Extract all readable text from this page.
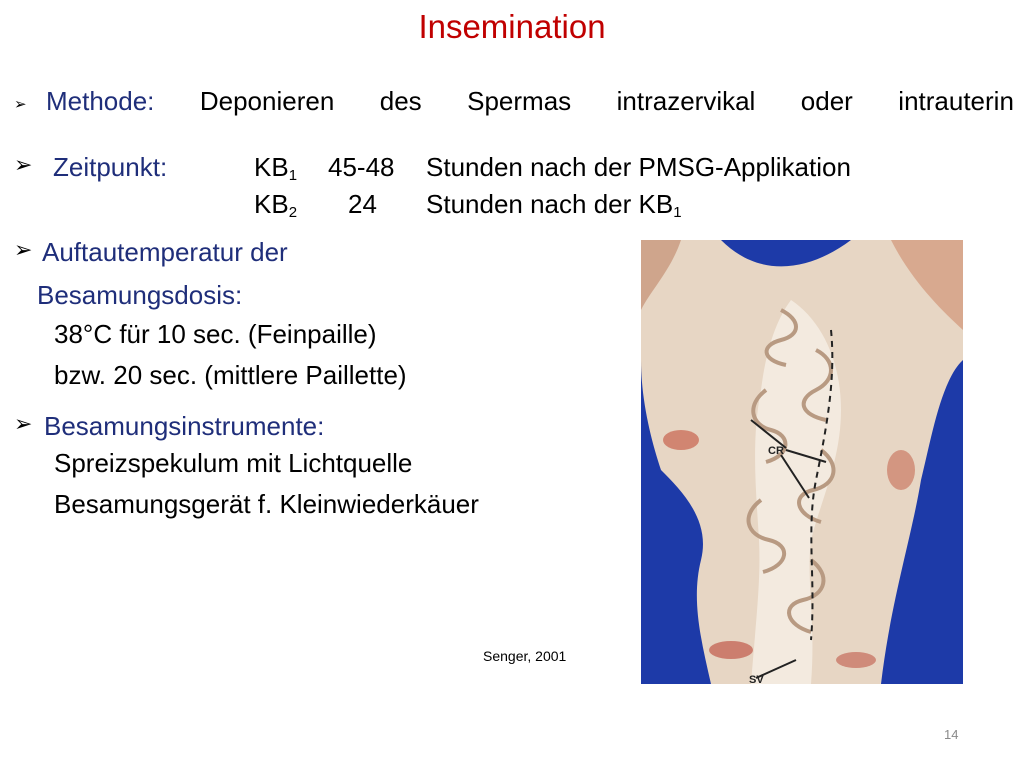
Insemination
➢ Methode: Deponieren des Spermas intrazervikal oder intrauterin
➢ Zeitpunkt:	$KB_1$ 45-48 Stunden nach der PMSG-Applikation
$KB_2$ 24 Stunden nach der $KB_1$
➢ Auftautemperatur der
Besamungsdosis:
38°C für 10 sec. (Feinpaille)
bzw. 20 sec. (mittlere Paillette)
➢ Besamungsinstrumente:
Spreizspekulum mit Lichtquelle
Besamungsgerät f. Kleinwiederkäuer
CR
SV
Senger, 2001
14
